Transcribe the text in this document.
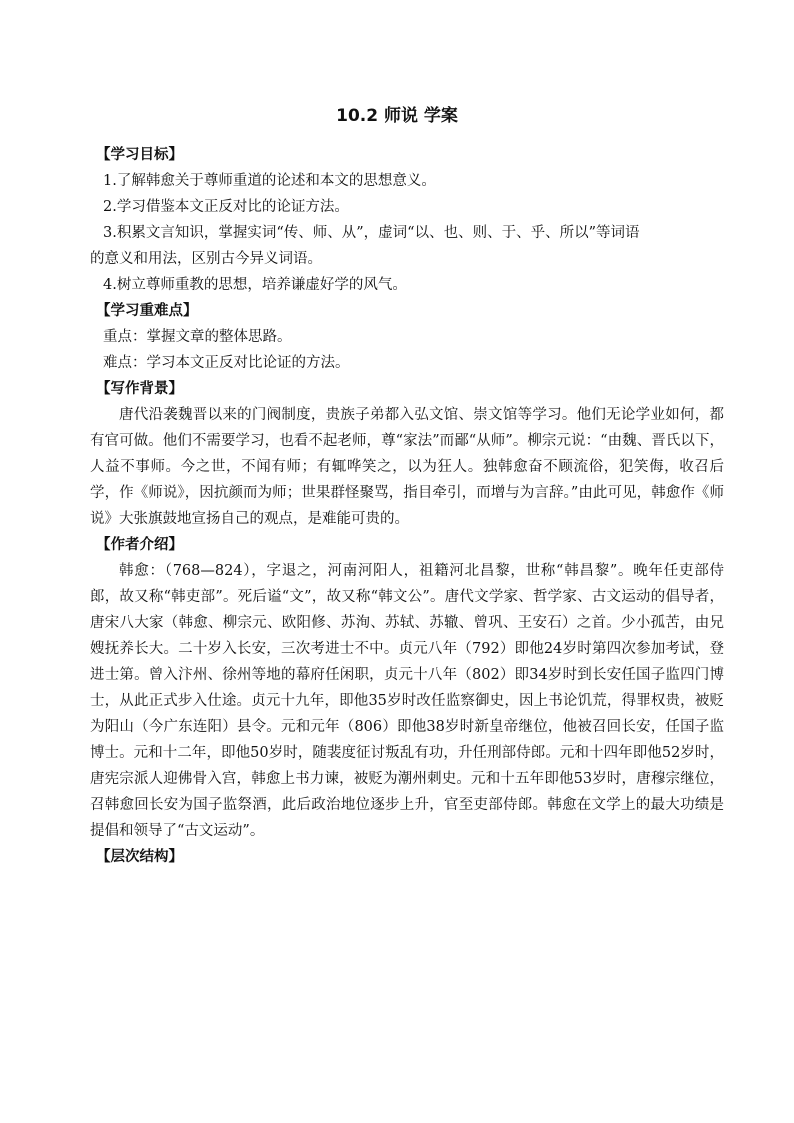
10.2 师说 学案
【学习目标】
1.了解韩愈关于尊师重道的论述和本文的思想意义。
2.学习借鉴本文正反对比的论证方法。
3.积累文言知识，掌握实词“传、师、从”，虚词“以、也、则、于、乎、所以”等词语
的意义和用法，区别古今异义词语。
4.树立尊师重教的思想，培养谦虚好学的风气。
【学习重难点】
重点：掌握文章的整体思路。
难点：学习本文正反对比论证的方法。
【写作背景】
唐代沿袭魏晋以来的门阀制度，贵族子弟都入弘文馆、崇文馆等学习。他们无论学业如何，都有官可做。他们不需要学习，也看不起老师，尊“家法”而鄙“从师”。柳宗元说：“由魏、晋氏以下，人益不事师。今之世，不闻有师；有辄哗笑之，以为狂人。独韩愈奋不顾流俗，犯笑侮，收召后学，作《师说》，因抗颜而为师；世果群怪聚骂，指目牵引，而增与为言辞。”由此可见，韩愈作《师说》大张旗鼓地宣扬自己的观点，是难能可贵的。
【作者介绍】
韩愈：（768—824），字退之，河南河阳人，祖籍河北昌黎，世称“韩昌黎”。晚年任吏部侍郎，故又称“韩吏部”。死后谥“文”，故又称“韩文公”。唐代文学家、哲学家、古文运动的倡导者，唐宋八大家（韩愈、柳宗元、欧阳修、苏洵、苏轼、苏辙、曾巩、王安石）之首。少小孤苦，由兄嫂抚养长大。二十岁入长安，三次考进士不中。贞元八年（792）即他24岁时第四次参加考试，登进士第。曾入汴州、徐州等地的幕府任闲职，贞元十八年（802）即34岁时到长安任国子监四门博士，从此正式步入仕途。贞元十九年，即他35岁时改任监察御史，因上书论饥荒，得罪权贵，被贬为阳山（今广东连阳）县令。元和元年（806）即他38岁时新皇帝继位，他被召回长安，任国子监博士。元和十二年，即他50岁时，随裴度征讨叛乱有功，升任刑部侍郎。元和十四年即他52岁时，唐宪宗派人迎佛骨入宫，韩愈上书力谏，被贬为潮州刺史。元和十五年即他53岁时，唐穆宗继位，召韩愈回长安为国子监祭酒，此后政治地位逐步上升，官至吏部侍郎。韩愈在文学上的最大功绩是提倡和领导了“古文运动”。
【层次结构】
